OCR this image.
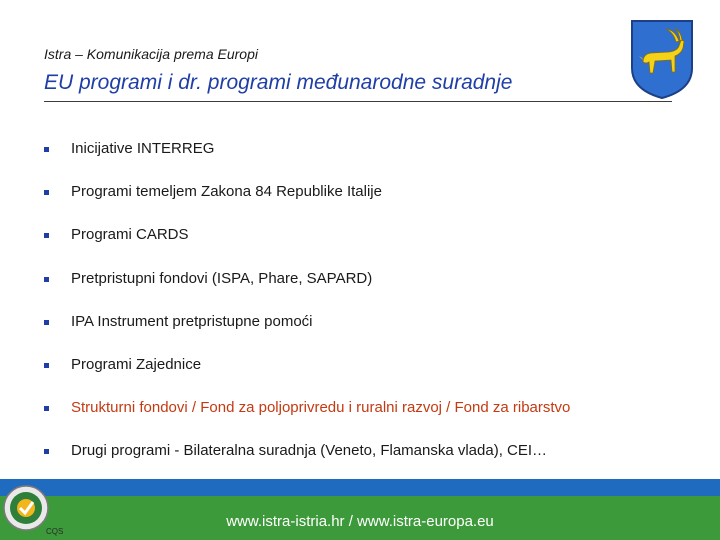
Istra – Komunikacija prema Europi
EU programi i dr. programi međunarodne suradnje
Inicijative INTERREG
Programi temeljem Zakona 84 Republike Italije
Programi CARDS
Pretpristupni fondovi (ISPA, Phare, SAPARD)
IPA Instrument pretpristupne pomoći
Programi Zajednice
Strukturni fondovi / Fond za poljoprivredu i ruralni razvoj / Fond za ribarstvo
Drugi programi - Bilateralna suradnja (Veneto, Flamanska vlada), CEI…
www.istra-istria.hr / www.istra-europa.eu
CQS
